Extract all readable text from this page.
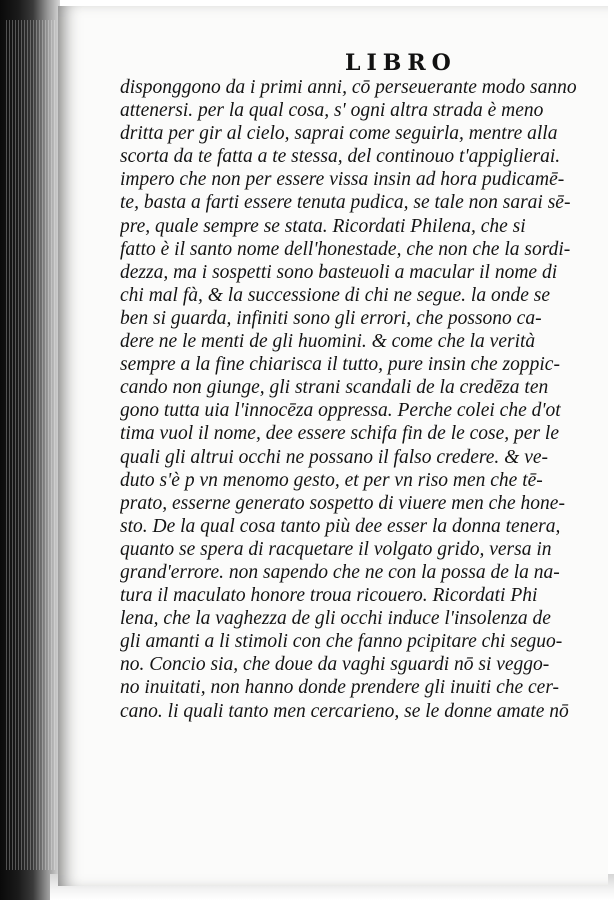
LIBRO
disponggono da i primi anni, cō perseuerante modo sanno
attenersi. per la qual cosa, s' ogni altra strada è meno
dritta per gir al cielo, saprai come seguirla, mentre alla
scorta da te fatta a te stessa, del continouo t'appiglierai.
impero che non per essere vissa insin ad hora pudicamē-
te, basta a farti essere tenuta pudica, se tale non sarai sē-
pre, quale sempre se stata. Ricordati Philena, che si
fatto è il santo nome dell'honestade, che non che la sordi-
dezza, ma i sospetti sono basteuoli a macular il nome di
chi mal fà, & la successione di chi ne segue. la onde se
ben si guarda, infiniti sono gli errori, che possono ca-
dere ne le menti de gli huomini. & come che la verità
sempre a la fine chiarisca il tutto, pure insin che zoppic-
cando non giunge, gli strani scandali de la credēza ten
gono tutta uia l'innocēza oppressa. Perche colei che d'ot
tima vuol il nome, dee essere schifa fin de le cose, per le
quali gli altrui occhi ne possano il falso credere. & ve-
duto s'è p vn menomo gesto, et per vn riso men che tē-
prato, esserne generato sospetto di viuere men che hone-
sto. De la qual cosa tanto più dee esser la donna tenera,
quanto se spera di racquetare il volgato grido, versa in
grand'errore. non sapendo che ne con la possa de la na-
tura il maculato honore troua ricouero. Ricordati Phi
lena, che la vaghezza de gli occhi induce l'insolenza de
gli amanti a li stimoli con che fanno pcipitare chi seguo-
no. Concio sia, che doue da vaghi sguardi nō si veggo-
no inuitati, non hanno donde prendere gli inuiti che cer-
cano. li quali tanto men cercarieno, se le donne amate nō
